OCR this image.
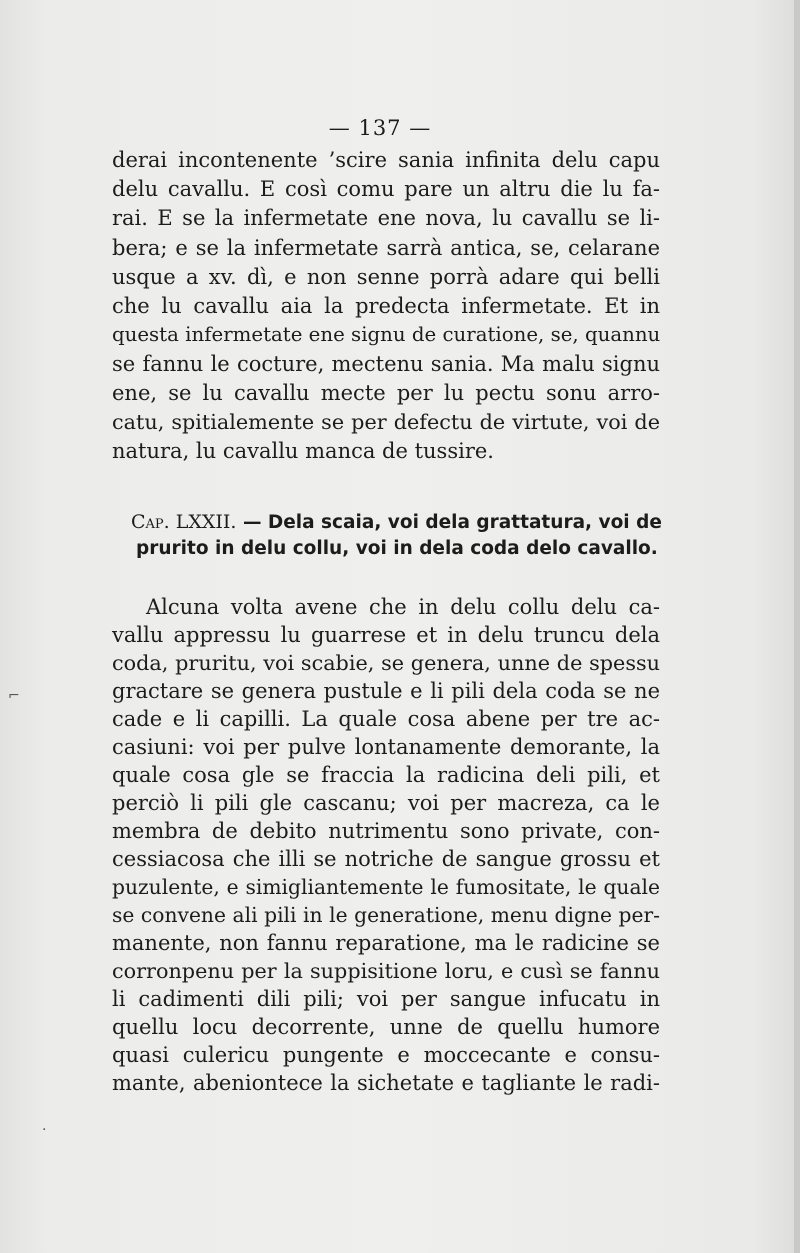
— 137 —
derai incontenente ’scire sania infinita delu capu
delu cavallu. E così comu pare un altru die lu fa-
rai. E se la infermetate ene nova, lu cavallu se li-
bera; e se la infermetate sarrà antica, se, celarane
usque a xv. dì, e non senne porrà adare qui belli
che lu cavallu aia la predecta infermetate. Et in
questa infermetate ene signu de curatione, se, quannu
se fannu le cocture, mectenu sania. Ma malu signu
ene, se lu cavallu mecte per lu pectu sonu arro-
catu, spitialemente se per defectu de virtute, voi de
natura, lu cavallu manca de tussire.
Cap. LXXII. — Dela scaia, voi dela grattatura, voi de
prurito in delu collu, voi in dela coda delo cavallo.
Alcuna volta avene che in delu collu delu ca-
vallu appressu lu guarrese et in delu truncu dela
coda, pruritu, voi scabie, se genera, unne de spessu
gractare se genera pustule e li pili dela coda se ne
cade e li capilli. La quale cosa abene per tre ac-
casiuni: voi per pulve lontanamente demorante, la
quale cosa gle se fraccia la radicina deli pili, et
perciò li pili gle cascanu; voi per macreza, ca le
membra de debito nutrimentu sono private, con-
cessiacosa che illi se notriche de sangue grossu et
puzulente, e simigliantemente le fumositate, le quale
se convene ali pili in le generatione, menu digne per-
manente, non fannu reparatione, ma le radicine se
corronpenu per la suppisitione loru, e cusì se fannu
li cadimenti dili pili; voi per sangue infucatu in
quellu locu decorrente, unne de quellu humore
quasi culericu pungente e moccecante e consu-
mante, abeniontece la sichetate e tagliante le radi-
⌐
·
